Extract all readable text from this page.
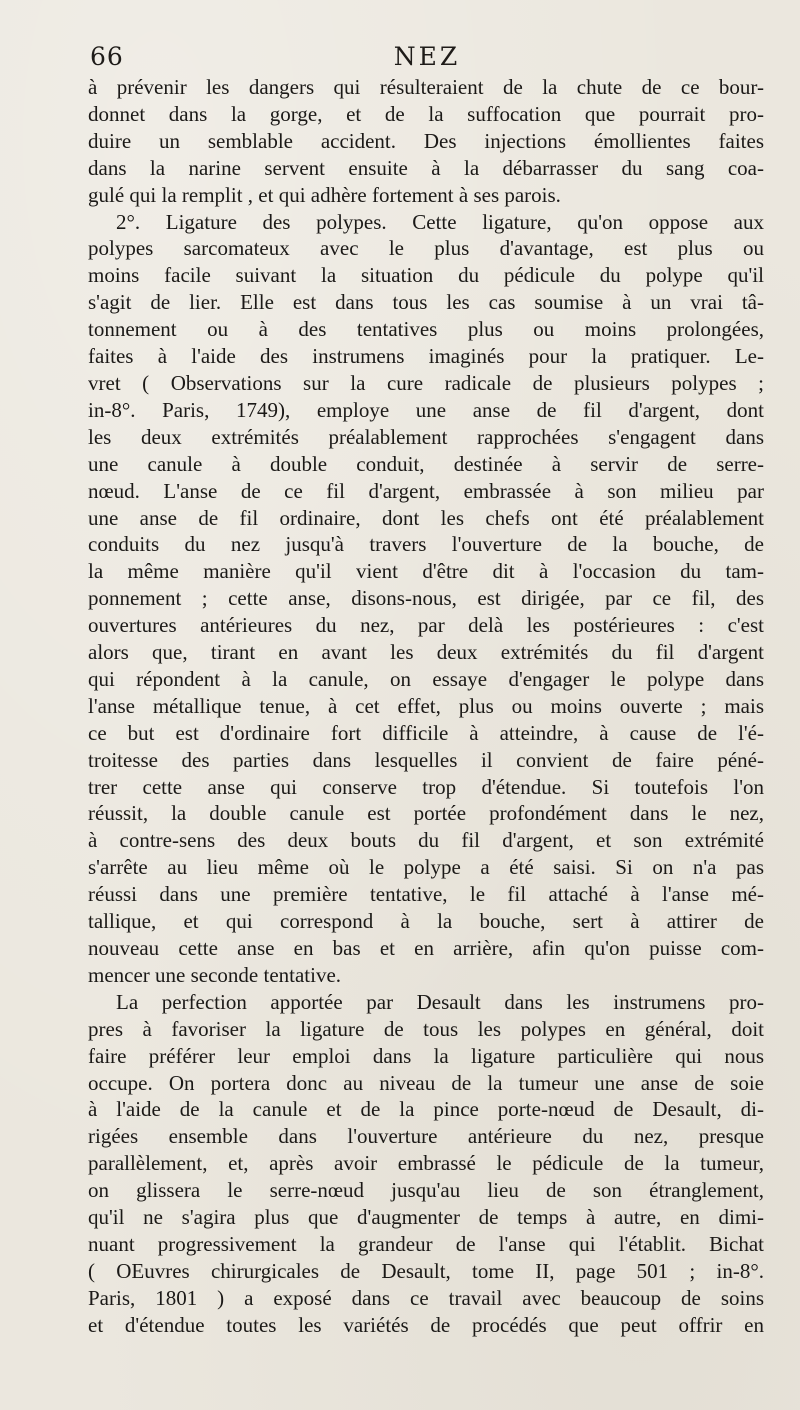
66	NEZ
à prévenir les dangers qui résulteraient de la chute de ce bour-
donnet dans la gorge, et de la suffocation que pourrait pro-
duire un semblable accident. Des injections émollientes faites
dans la narine servent ensuite à la débarrasser du sang coa-
gulé qui la remplit , et qui adhère fortement à ses parois.
2°. Ligature des polypes. Cette ligature, qu'on oppose aux
polypes sarcomateux avec le plus d'avantage, est plus ou
moins facile suivant la situation du pédicule du polype qu'il
s'agit de lier. Elle est dans tous les cas soumise à un vrai tâ-
tonnement ou à des tentatives plus ou moins prolongées,
faites à l'aide des instrumens imaginés pour la pratiquer. Le-
vret ( Observations sur la cure radicale de plusieurs polypes ;
in-8°. Paris, 1749), employe une anse de fil d'argent, dont
les deux extrémités préalablement rapprochées s'engagent dans
une canule à double conduit, destinée à servir de serre-
nœud. L'anse de ce fil d'argent, embrassée à son milieu par
une anse de fil ordinaire, dont les chefs ont été préalablement
conduits du nez jusqu'à travers l'ouverture de la bouche, de
la même manière qu'il vient d'être dit à l'occasion du tam-
ponnement ; cette anse, disons-nous, est dirigée, par ce fil, des
ouvertures antérieures du nez, par delà les postérieures : c'est
alors que, tirant en avant les deux extrémités du fil d'argent
qui répondent à la canule, on essaye d'engager le polype dans
l'anse métallique tenue, à cet effet, plus ou moins ouverte ; mais
ce but est d'ordinaire fort difficile à atteindre, à cause de l'é-
troitesse des parties dans lesquelles il convient de faire péné-
trer cette anse qui conserve trop d'étendue. Si toutefois l'on
réussit, la double canule est portée profondément dans le nez,
à contre-sens des deux bouts du fil d'argent, et son extrémité
s'arrête au lieu même où le polype a été saisi. Si on n'a pas
réussi dans une première tentative, le fil attaché à l'anse mé-
tallique, et qui correspond à la bouche, sert à attirer de
nouveau cette anse en bas et en arrière, afin qu'on puisse com-
mencer une seconde tentative.
La perfection apportée par Desault dans les instrumens pro-
pres à favoriser la ligature de tous les polypes en général, doit
faire préférer leur emploi dans la ligature particulière qui nous
occupe. On portera donc au niveau de la tumeur une anse de soie
à l'aide de la canule et de la pince porte-nœud de Desault, di-
rigées ensemble dans l'ouverture antérieure du nez, presque
parallèlement, et, après avoir embrassé le pédicule de la tumeur,
on glissera le serre-nœud jusqu'au lieu de son étranglement,
qu'il ne s'agira plus que d'augmenter de temps à autre, en dimi-
nuant progressivement la grandeur de l'anse qui l'établit. Bichat
( OEuvres chirurgicales de Desault, tome II, page 501 ; in-8°.
Paris, 1801 ) a exposé dans ce travail avec beaucoup de soins
et d'étendue toutes les variétés de procédés que peut offrir en
